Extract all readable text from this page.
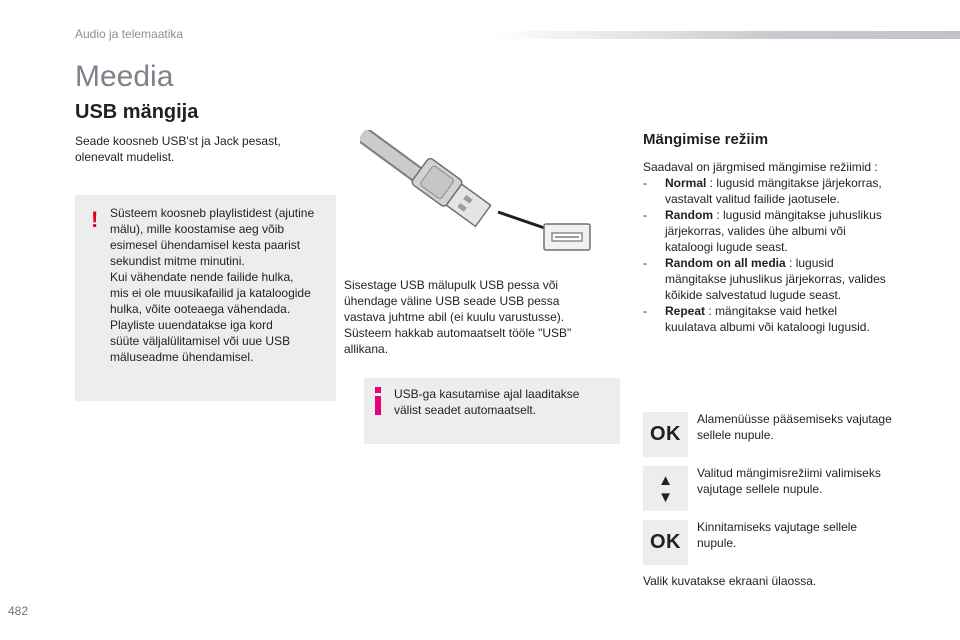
Audio ja telemaatika
Meedia
USB mängija
Seade koosneb USB'st ja Jack pesast,
olenevalt mudelist.
! Süsteem koosneb playlistidest (ajutine
mälu), mille koostamise aeg võib
esimesel ühendamisel kesta paarist
sekundist mitme minutini.
Kui vähendate nende failide hulka,
mis ei ole muusikafailid ja kataloogide
hulka, võite ooteaega vähendada.
Playliste uuendatakse iga kord
süüte väljalülitamisel või uue USB
mäluseadme ühendamisel.
Sisestage USB mälupulk USB pessa või
ühendage väline USB seade USB pessa
vastava juhtme abil (ei kuulu varustusse).
Süsteem hakkab automaatselt tööle "USB"
allikana.
USB-ga kasutamise ajal laaditakse
välist seadet automaatselt.
Mängimise režiim
Saadaval on järgmised mängimise režiimid :
- Normal : lugusid mängitakse järjekorras,
vastavalt valitud failide jaotusele.
- Random : lugusid mängitakse juhuslikus
järjekorras, valides ühe albumi või
kataloogi lugude seast.
- Random on all media : lugusid
mängitakse juhuslikus järjekorras, valides
kõikide salvestatud lugude seast.
- Repeat : mängitakse vaid hetkel
kuulatava albumi või kataloogi lugusid.
OK
Alamenüüsse pääsemiseks vajutage
sellele nupule.
▲
▼
Valitud mängimisrežiimi valimiseks
vajutage sellele nupule.
OK
Kinnitamiseks vajutage sellele
nupule.
Valik kuvatakse ekraani ülaossa.
482
